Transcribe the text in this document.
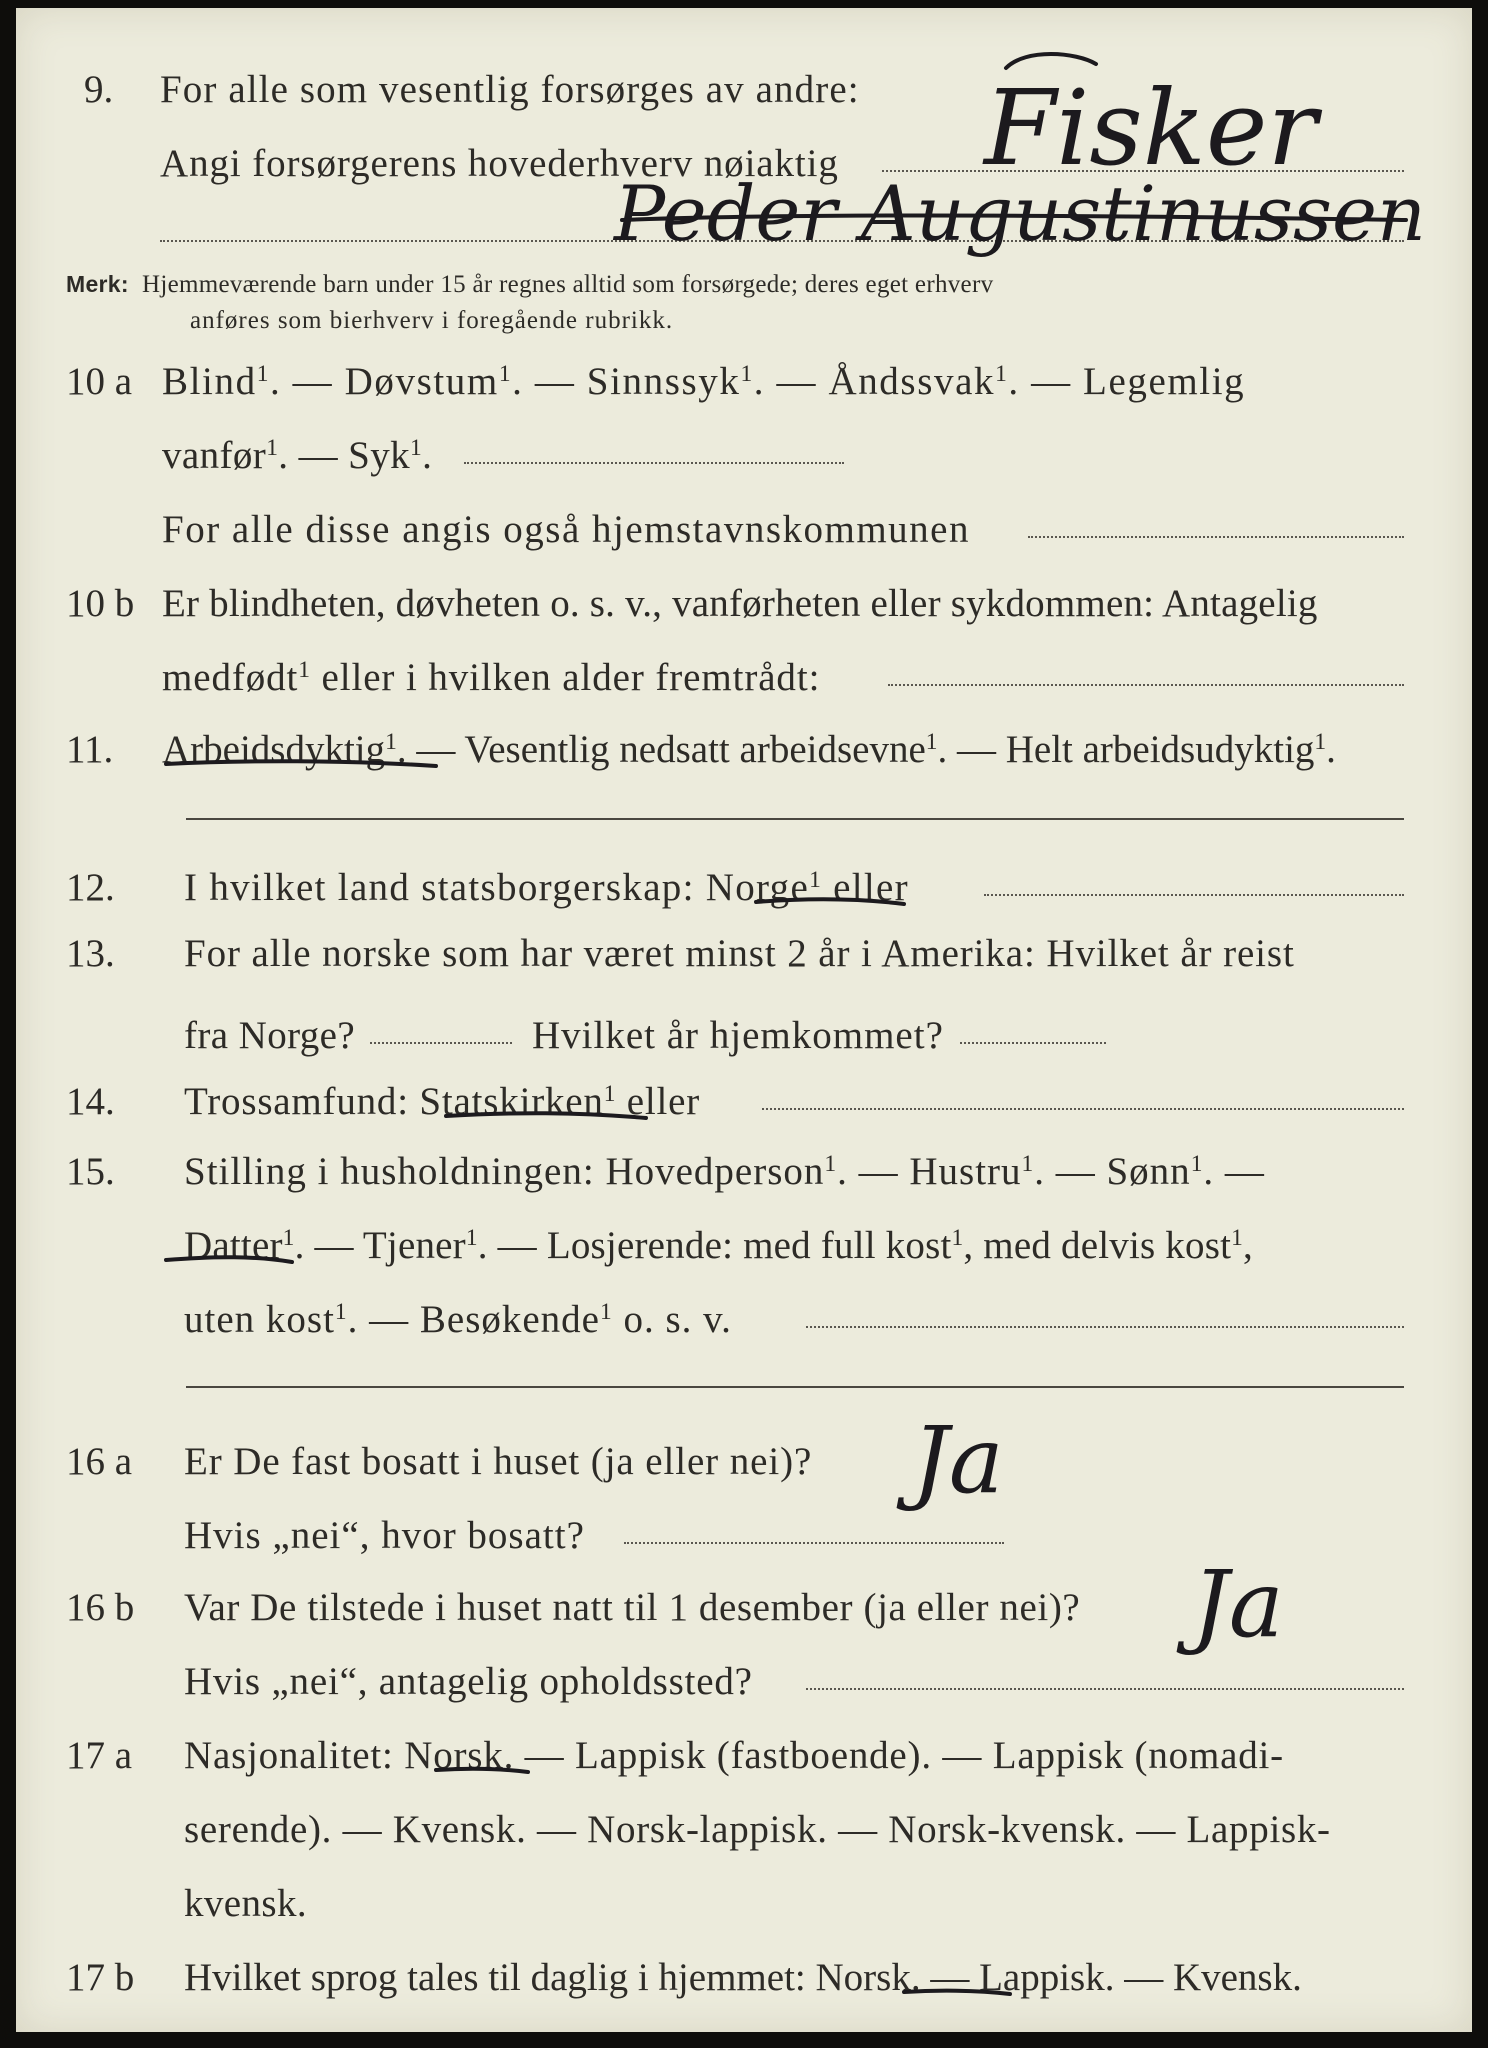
9. For alle som vesentlig forsørges av andre:
Angi forsørgerens hovederhverv nøiaktig
Merk: Hjemmeværende barn under 15 år regnes alltid som forsørgede; deres eget erhverv
anføres som bierhverv i foregående rubrikk.
10 a Blind$^1$. — Døvstum$^1$. — Sinnssyk$^1$. — Åndssvak$^1$. — Legemlig
vanfør$^1$. — Syk$^1$.
For alle disse angis også hjemstavnskommunen
10 b Er blindheten, døvheten o. s. v., vanførheten eller sykdommen: Antagelig
medfødt$^1$ eller i hvilken alder fremtrådt:
11. Arbeidsdyktig$^1$. — Vesentlig nedsatt arbeidsevne$^1$. — Helt arbeidsudyktig$^1$.
12. I hvilket land statsborgerskap: Norge$^1$ eller
13. For alle norske som har været minst 2 år i Amerika: Hvilket år reist
fra Norge?	Hvilket år hjemkommet?
14. Trossamfund: Statskirken$^1$ eller
15. Stilling i husholdningen: Hovedperson$^1$. — Hustru$^1$. — Sønn$^1$. —
Datter$^1$. — Tjener$^1$. — Losjerende: med full kost$^1$, med delvis kost$^1$,
uten kost$^1$. — Besøkende$^1$ o. s. v.
16 a Er De fast bosatt i huset (ja eller nei)?
Hvis „nei“, hvor bosatt?
16 b Var De tilstede i huset natt til 1 desember (ja eller nei)?
Hvis „nei“, antagelig opholdssted?
17 a Nasjonalitet: Norsk. — Lappisk (fastboende). — Lappisk (nomadi-
serende). — Kvensk. — Norsk-lappisk. — Norsk-kvensk. — Lappisk-
kvensk.
17 b Hvilket sprog tales til daglig i hjemmet: Norsk. — Lappisk. — Kvensk.
Fisker
Peder Augustinussen
Ja
Ja
